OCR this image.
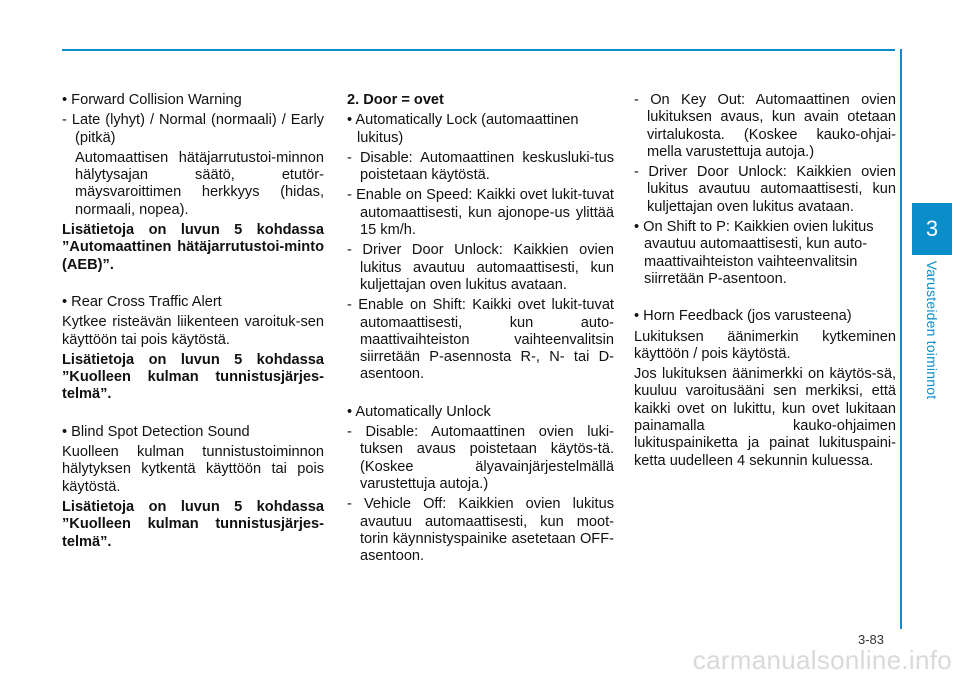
3
Varusteiden toiminnot

• Forward Collision Warning

- Late (lyhyt) / Normal (normaali) / Early (pitkä)

Automaattisen hätäjarrutustoi-minnon hälytysajan säätö, etutör-mäysvaroittimen herkkyys (hidas, normaali, nopea).

Lisätietoja on luvun 5 kohdassa ”Automaattinen hätäjarrutustoi-minto (AEB)”.

• Rear Cross Traffic Alert

Kytkee risteävän liikenteen varoituk-sen käyttöön tai pois käytöstä.

Lisätietoja on luvun 5 kohdassa ”Kuolleen kulman tunnistusjärjes-telmä”.

• Blind Spot Detection Sound

Kuolleen kulman tunnistustoiminnon hälytyksen kytkentä käyttöön tai pois käytöstä.

Lisätietoja on luvun 5 kohdassa ”Kuolleen kulman tunnistusjärjes-telmä”.

2. Door = ovet

• Automatically Lock (automaattinen lukitus)

- Disable: Automaattinen keskusluki-tus poistetaan käytöstä.

- Enable on Speed: Kaikki ovet lukit-tuvat automaattisesti, kun ajonope-us ylittää 15 km/h.

- Driver Door Unlock: Kaikkien ovien lukitus avautuu automaattisesti, kun kuljettajan oven lukitus avataan.

- Enable on Shift: Kaikki ovet lukit-tuvat automaattisesti, kun auto-maattivaihteiston vaihteenvalitsin siirretään P-asennosta R-, N- tai D-asentoon.

• Automatically Unlock

- Disable: Automaattinen ovien luki-tuksen avaus poistetaan käytös-tä. (Koskee älyavainjärjestelmällä varustettuja autoja.)

- Vehicle Off: Kaikkien ovien lukitus avautuu automaattisesti, kun moot-torin käynnistyspainike asetetaan OFF-asentoon.

- On Key Out: Automaattinen ovien lukituksen avaus, kun avain otetaan virtalukosta. (Koskee kauko-ohjai-mella varustettuja autoja.)

- Driver Door Unlock: Kaikkien ovien lukitus avautuu automaattisesti, kun kuljettajan oven lukitus avataan.

• On Shift to P: Kaikkien ovien lukitus avautuu automaattisesti, kun auto-maattivaihteiston vaihteenvalitsin siirretään P-asentoon.

• Horn Feedback (jos varusteena)

Lukituksen äänimerkin kytkeminen käyttöön / pois käytöstä.

Jos lukituksen äänimerkki on käytös-sä, kuuluu varoitusääni sen merkiksi, että kaikki ovet on lukittu, kun ovet lukitaan painamalla kauko-ohjaimen lukituspainiketta ja painat lukituspaini-ketta uudelleen 4 sekunnin kuluessa.

3-83
carmanualsonline.info
